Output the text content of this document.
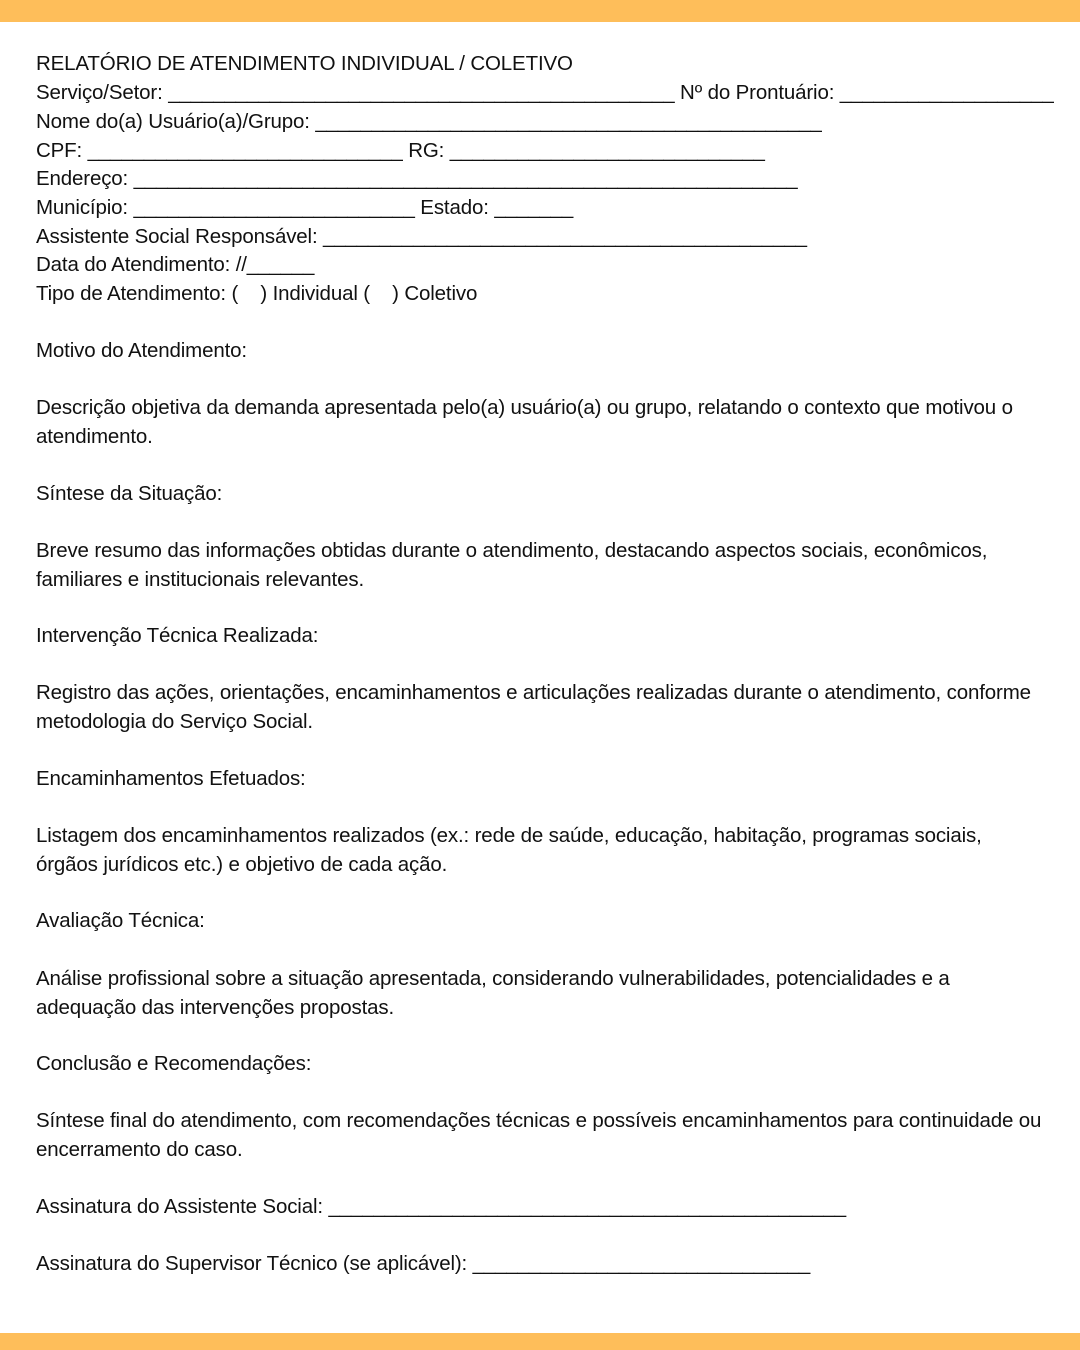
RELATÓRIO DE ATENDIMENTO INDIVIDUAL / COLETIVO
Serviço/Setor: _____________________________________________ Nº do Prontuário: ___________________
Nome do(a) Usuário(a)/Grupo: _____________________________________________
CPF: ____________________________ RG: ____________________________
Endereço: ___________________________________________________________
Município: _________________________ Estado: _______
Assistente Social Responsável: ___________________________________________
Data do Atendimento: //______
Tipo de Atendimento: (    ) Individual (    ) Coletivo
Motivo do Atendimento:
Descrição objetiva da demanda apresentada pelo(a) usuário(a) ou grupo, relatando o contexto que motivou o atendimento.
Síntese da Situação:
Breve resumo das informações obtidas durante o atendimento, destacando aspectos sociais, econômicos, familiares e institucionais relevantes.
Intervenção Técnica Realizada:
Registro das ações, orientações, encaminhamentos e articulações realizadas durante o atendimento, conforme metodologia do Serviço Social.
Encaminhamentos Efetuados:
Listagem dos encaminhamentos realizados (ex.: rede de saúde, educação, habitação, programas sociais, órgãos jurídicos etc.) e objetivo de cada ação.
Avaliação Técnica:
Análise profissional sobre a situação apresentada, considerando vulnerabilidades, potencialidades e a adequação das intervenções propostas.
Conclusão e Recomendações:
Síntese final do atendimento, com recomendações técnicas e possíveis encaminhamentos para continuidade ou encerramento do caso.
Assinatura do Assistente Social: ______________________________________________
Assinatura do Supervisor Técnico (se aplicável): ______________________________
